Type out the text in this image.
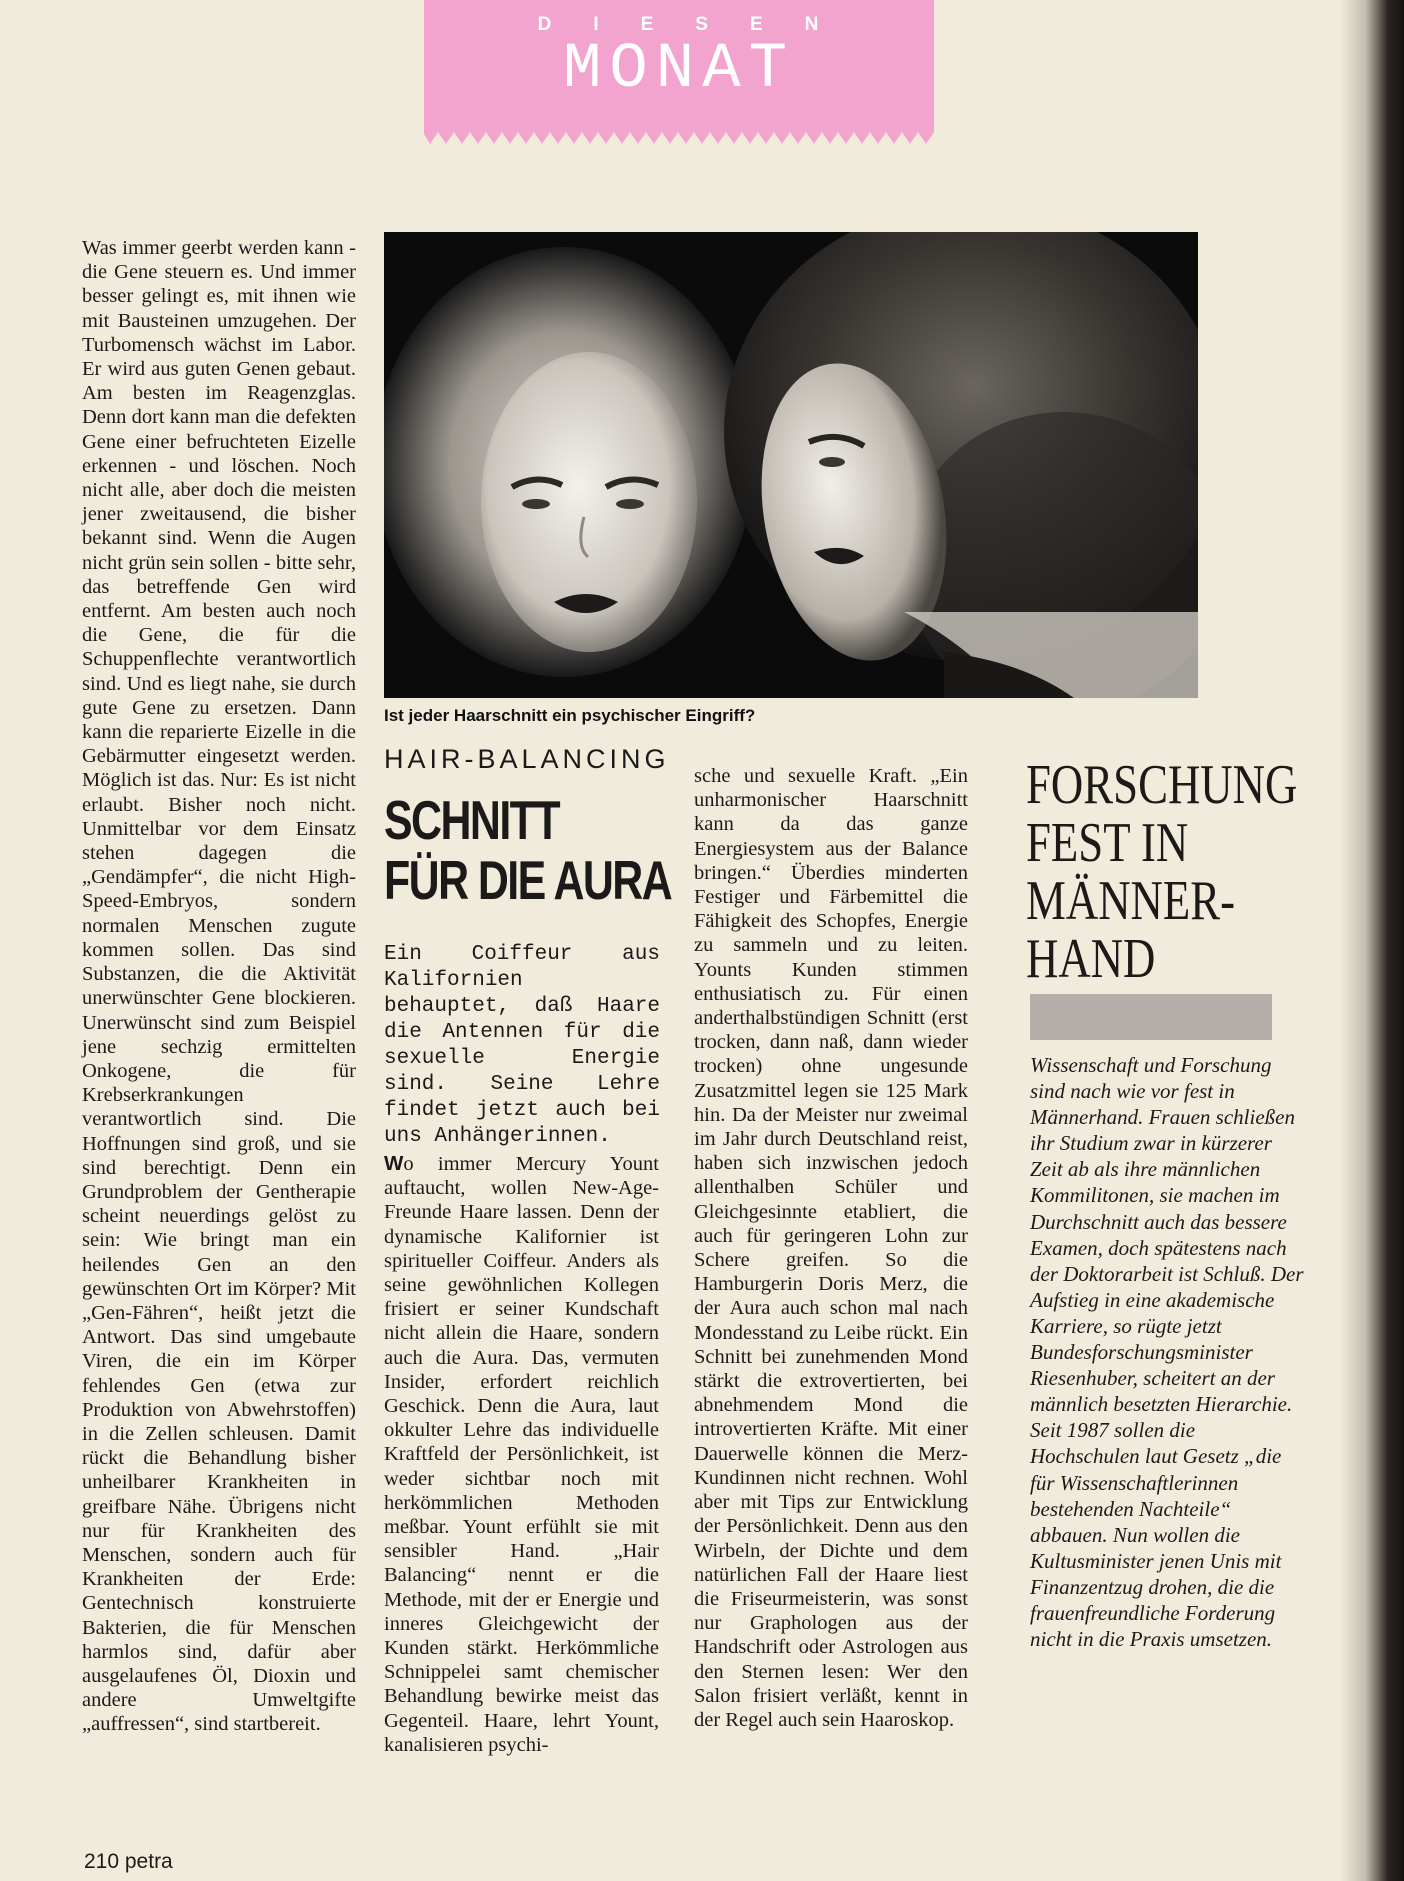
DIESEN
MONAT

Was immer geerbt werden kann - die Gene steuern es. Und immer besser gelingt es, mit ihnen wie mit Bausteinen umzugehen. Der Turbomensch wächst im Labor. Er wird aus guten Genen gebaut. Am besten im Reagenzglas. Denn dort kann man die defekten Gene einer befruchteten Eizelle erkennen - und löschen. Noch nicht alle, aber doch die meisten jener zweitausend, die bisher bekannt sind. Wenn die Augen nicht grün sein sollen - bitte sehr, das betreffende Gen wird entfernt. Am besten auch noch die Gene, die für die Schuppenflechte verantwortlich sind. Und es liegt nahe, sie durch gute Gene zu ersetzen. Dann kann die reparierte Eizelle in die Gebärmutter eingesetzt werden. Möglich ist das. Nur: Es ist nicht erlaubt. Bisher noch nicht. Unmittelbar vor dem Einsatz stehen dagegen die „Gendämpfer“, die nicht High-Speed-Embryos, sondern normalen Menschen zugute kommen sollen. Das sind Substanzen, die die Aktivität unerwünschter Gene blockieren. Unerwünscht sind zum Beispiel jene sechzig ermittelten Onkogene, die für Krebserkrankungen verantwortlich sind. Die Hoffnungen sind groß, und sie sind berechtigt. Denn ein Grundproblem der Gentherapie scheint neuerdings gelöst zu sein: Wie bringt man ein heilendes Gen an den gewünschten Ort im Körper? Mit „Gen-Fähren“, heißt jetzt die Antwort. Das sind umgebaute Viren, die ein im Körper fehlendes Gen (etwa zur Produktion von Abwehrstoffen) in die Zellen schleusen. Damit rückt die Behandlung bisher unheilbarer Krankheiten in greifbare Nähe. Übrigens nicht nur für Krankheiten des Menschen, sondern auch für Krankheiten der Erde: Gentechnisch konstruierte Bakterien, die für Menschen harmlos sind, dafür aber ausgelaufenes Öl, Dioxin und andere Umweltgifte „auffressen“, sind startbereit.

Ist jeder Haarschnitt ein psychischer Eingriff?
HAIR-BALANCING
SCHNITT
FÜR DIE AURA
Ein Coiffeur aus Kalifornien behauptet, daß Haare die Antennen für die sexuelle Energie sind. Seine Lehre findet jetzt auch bei uns Anhängerinnen.

Wo immer Mercury Yount auftaucht, wollen New-Age-Freunde Haare lassen. Denn der dynamische Kalifornier ist spiritueller Coiffeur. Anders als seine gewöhnlichen Kollegen frisiert er seiner Kundschaft nicht allein die Haare, sondern auch die Aura. Das, vermuten Insider, erfordert reichlich Geschick. Denn die Aura, laut okkulter Lehre das individuelle Kraftfeld der Persönlichkeit, ist weder sichtbar noch mit herkömmlichen Methoden meßbar. Yount erfühlt sie mit sensibler Hand. „Hair Balancing“ nennt er die Methode, mit der er Energie und inneres Gleichgewicht der Kunden stärkt. Herkömmliche Schnippelei samt chemischer Behandlung bewirke meist das Gegenteil. Haare, lehrt Yount, kanalisieren psychi-

sche und sexuelle Kraft. „Ein unharmonischer Haarschnitt kann da das ganze Energiesystem aus der Balance bringen.“ Überdies minderten Festiger und Färbemittel die Fähigkeit des Schopfes, Energie zu sammeln und zu leiten. Younts Kunden stimmen enthusiatisch zu. Für einen anderthalbstündigen Schnitt (erst trocken, dann naß, dann wieder trocken) ohne ungesunde Zusatzmittel legen sie 125 Mark hin. Da der Meister nur zweimal im Jahr durch Deutschland reist, haben sich inzwischen jedoch allenthalben Schüler und Gleichgesinnte etabliert, die auch für geringeren Lohn zur Schere greifen. So die Hamburgerin Doris Merz, die der Aura auch schon mal nach Mondesstand zu Leibe rückt. Ein Schnitt bei zunehmenden Mond stärkt die extrovertierten, bei abnehmendem Mond die introvertierten Kräfte. Mit einer Dauerwelle können die Merz-Kundinnen nicht rechnen. Wohl aber mit Tips zur Entwicklung der Persönlichkeit. Denn aus den Wirbeln, der Dichte und dem natürlichen Fall der Haare liest die Friseurmeisterin, was sonst nur Graphologen aus der Handschrift oder Astrologen aus den Sternen lesen: Wer den Salon frisiert verläßt, kennt in der Regel auch sein Haaroskop.

FORSCHUNG
FEST IN
MÄNNER-
HAND

Wissenschaft und Forschung sind nach wie vor fest in Männerhand. Frauen schließen ihr Studium zwar in kürzerer Zeit ab als ihre männlichen Kommilitonen, sie machen im Durchschnitt auch das bessere Examen, doch spätestens nach der Doktorarbeit ist Schluß. Der Aufstieg in eine akademische Karriere, so rügte jetzt Bundesforschungsminister Riesenhuber, scheitert an der männlich besetzten Hierarchie. Seit 1987 sollen die Hochschulen laut Gesetz „die für Wissenschaftlerinnen bestehenden Nachteile“ abbauen. Nun wollen die Kultusminister jenen Unis mit Finanzentzug drohen, die die frauenfreundliche Forderung nicht in die Praxis umsetzen.

210 petra
